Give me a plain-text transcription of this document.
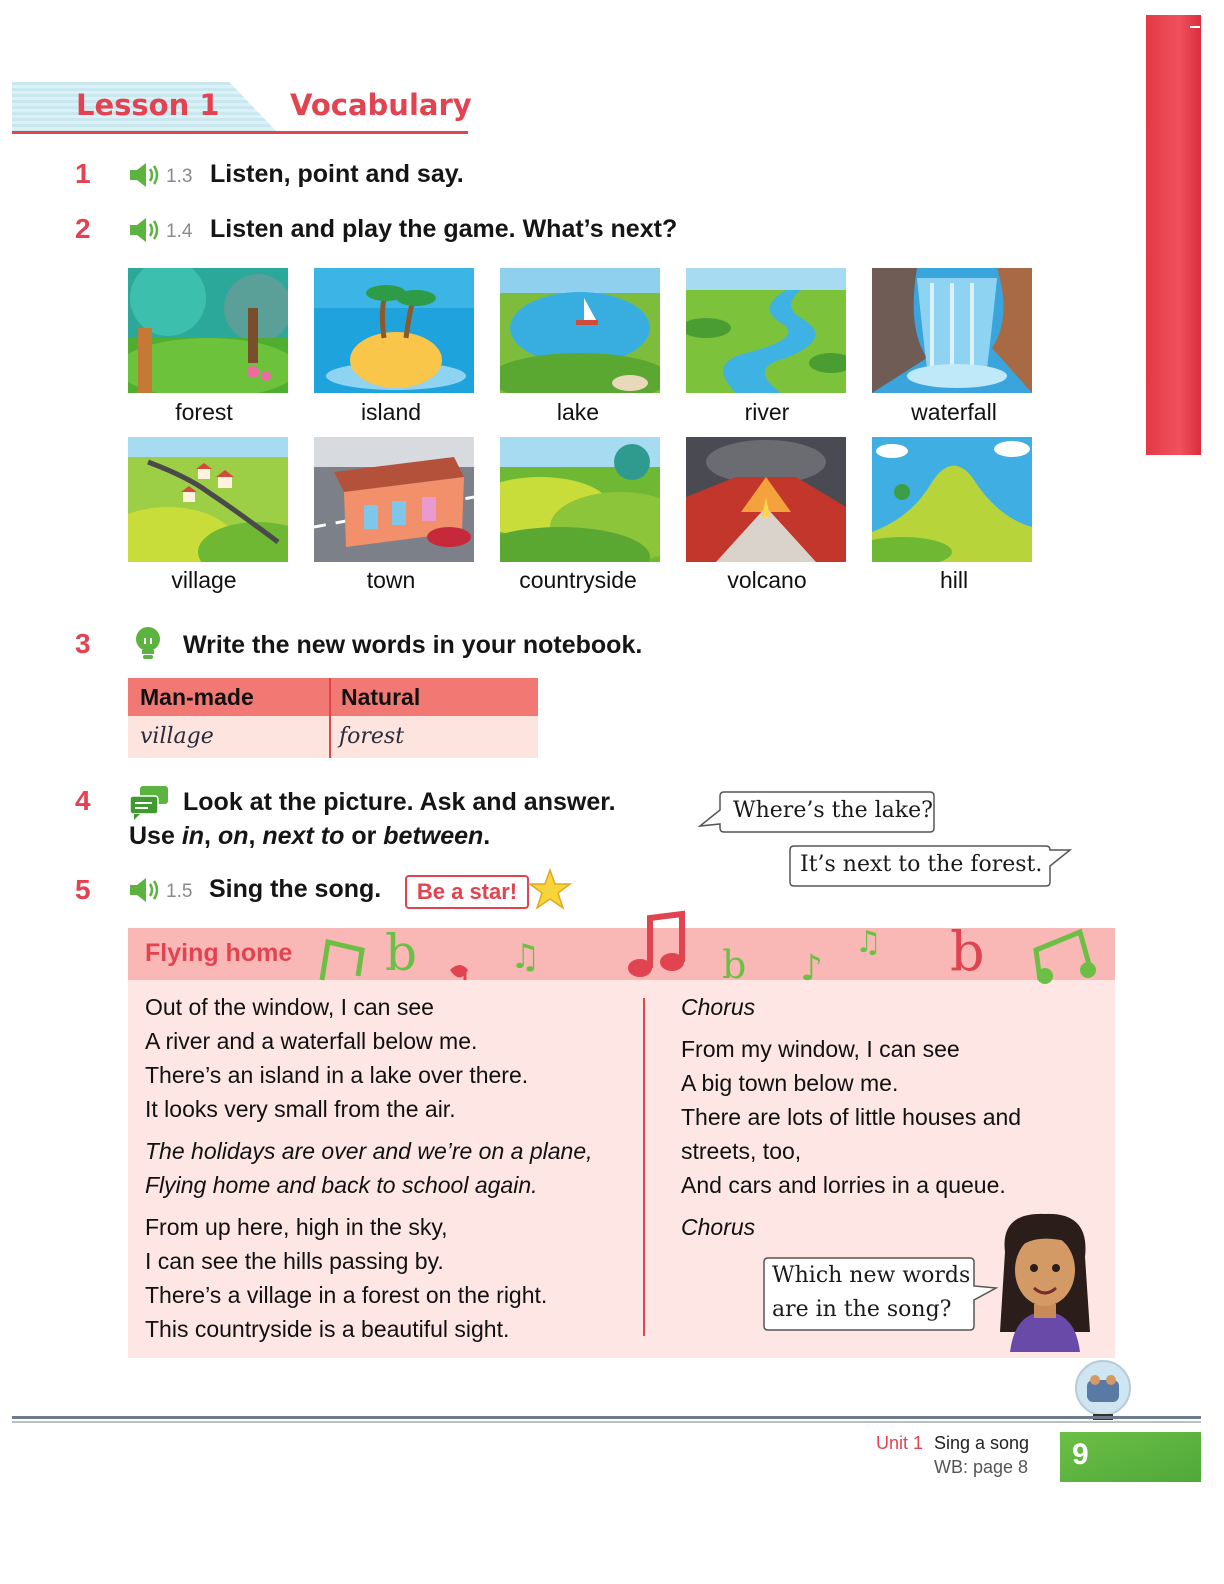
Lesson 1 Vocabulary
1	1.3 Listen, point and say.
2	1.4 Listen and play the game. What’s next?
forest	island	lake	river	waterfall
village	town	countryside	volcano	hill
3	Write the new words in your notebook.
Man-made	Natural
village	forest
4	Look at the picture. Ask and answer.
Use in, on, next to or between.
Where’s the lake?
It’s next to the forest.
5	1.5 Sing the song.	Be a star!
Flying home b	♫	b ♪
♫ b
Out of the window, I can see
A river and a waterfall below me.
There’s an island in a lake over there.
It looks very small from the air.
The holidays are over and we’re on a plane,
Flying home and back to school again.
From up here, high in the sky,
I can see the hills passing by.
There’s a village in a forest on the right.
This countryside is a beautiful sight.
Chorus
From my window, I can see
A big town below me.
There are lots of little houses and
streets, too,
And cars and lorries in a queue.
Chorus
Which new words
are in the song?
Unit 1 Sing a song
WB: page 8 9
